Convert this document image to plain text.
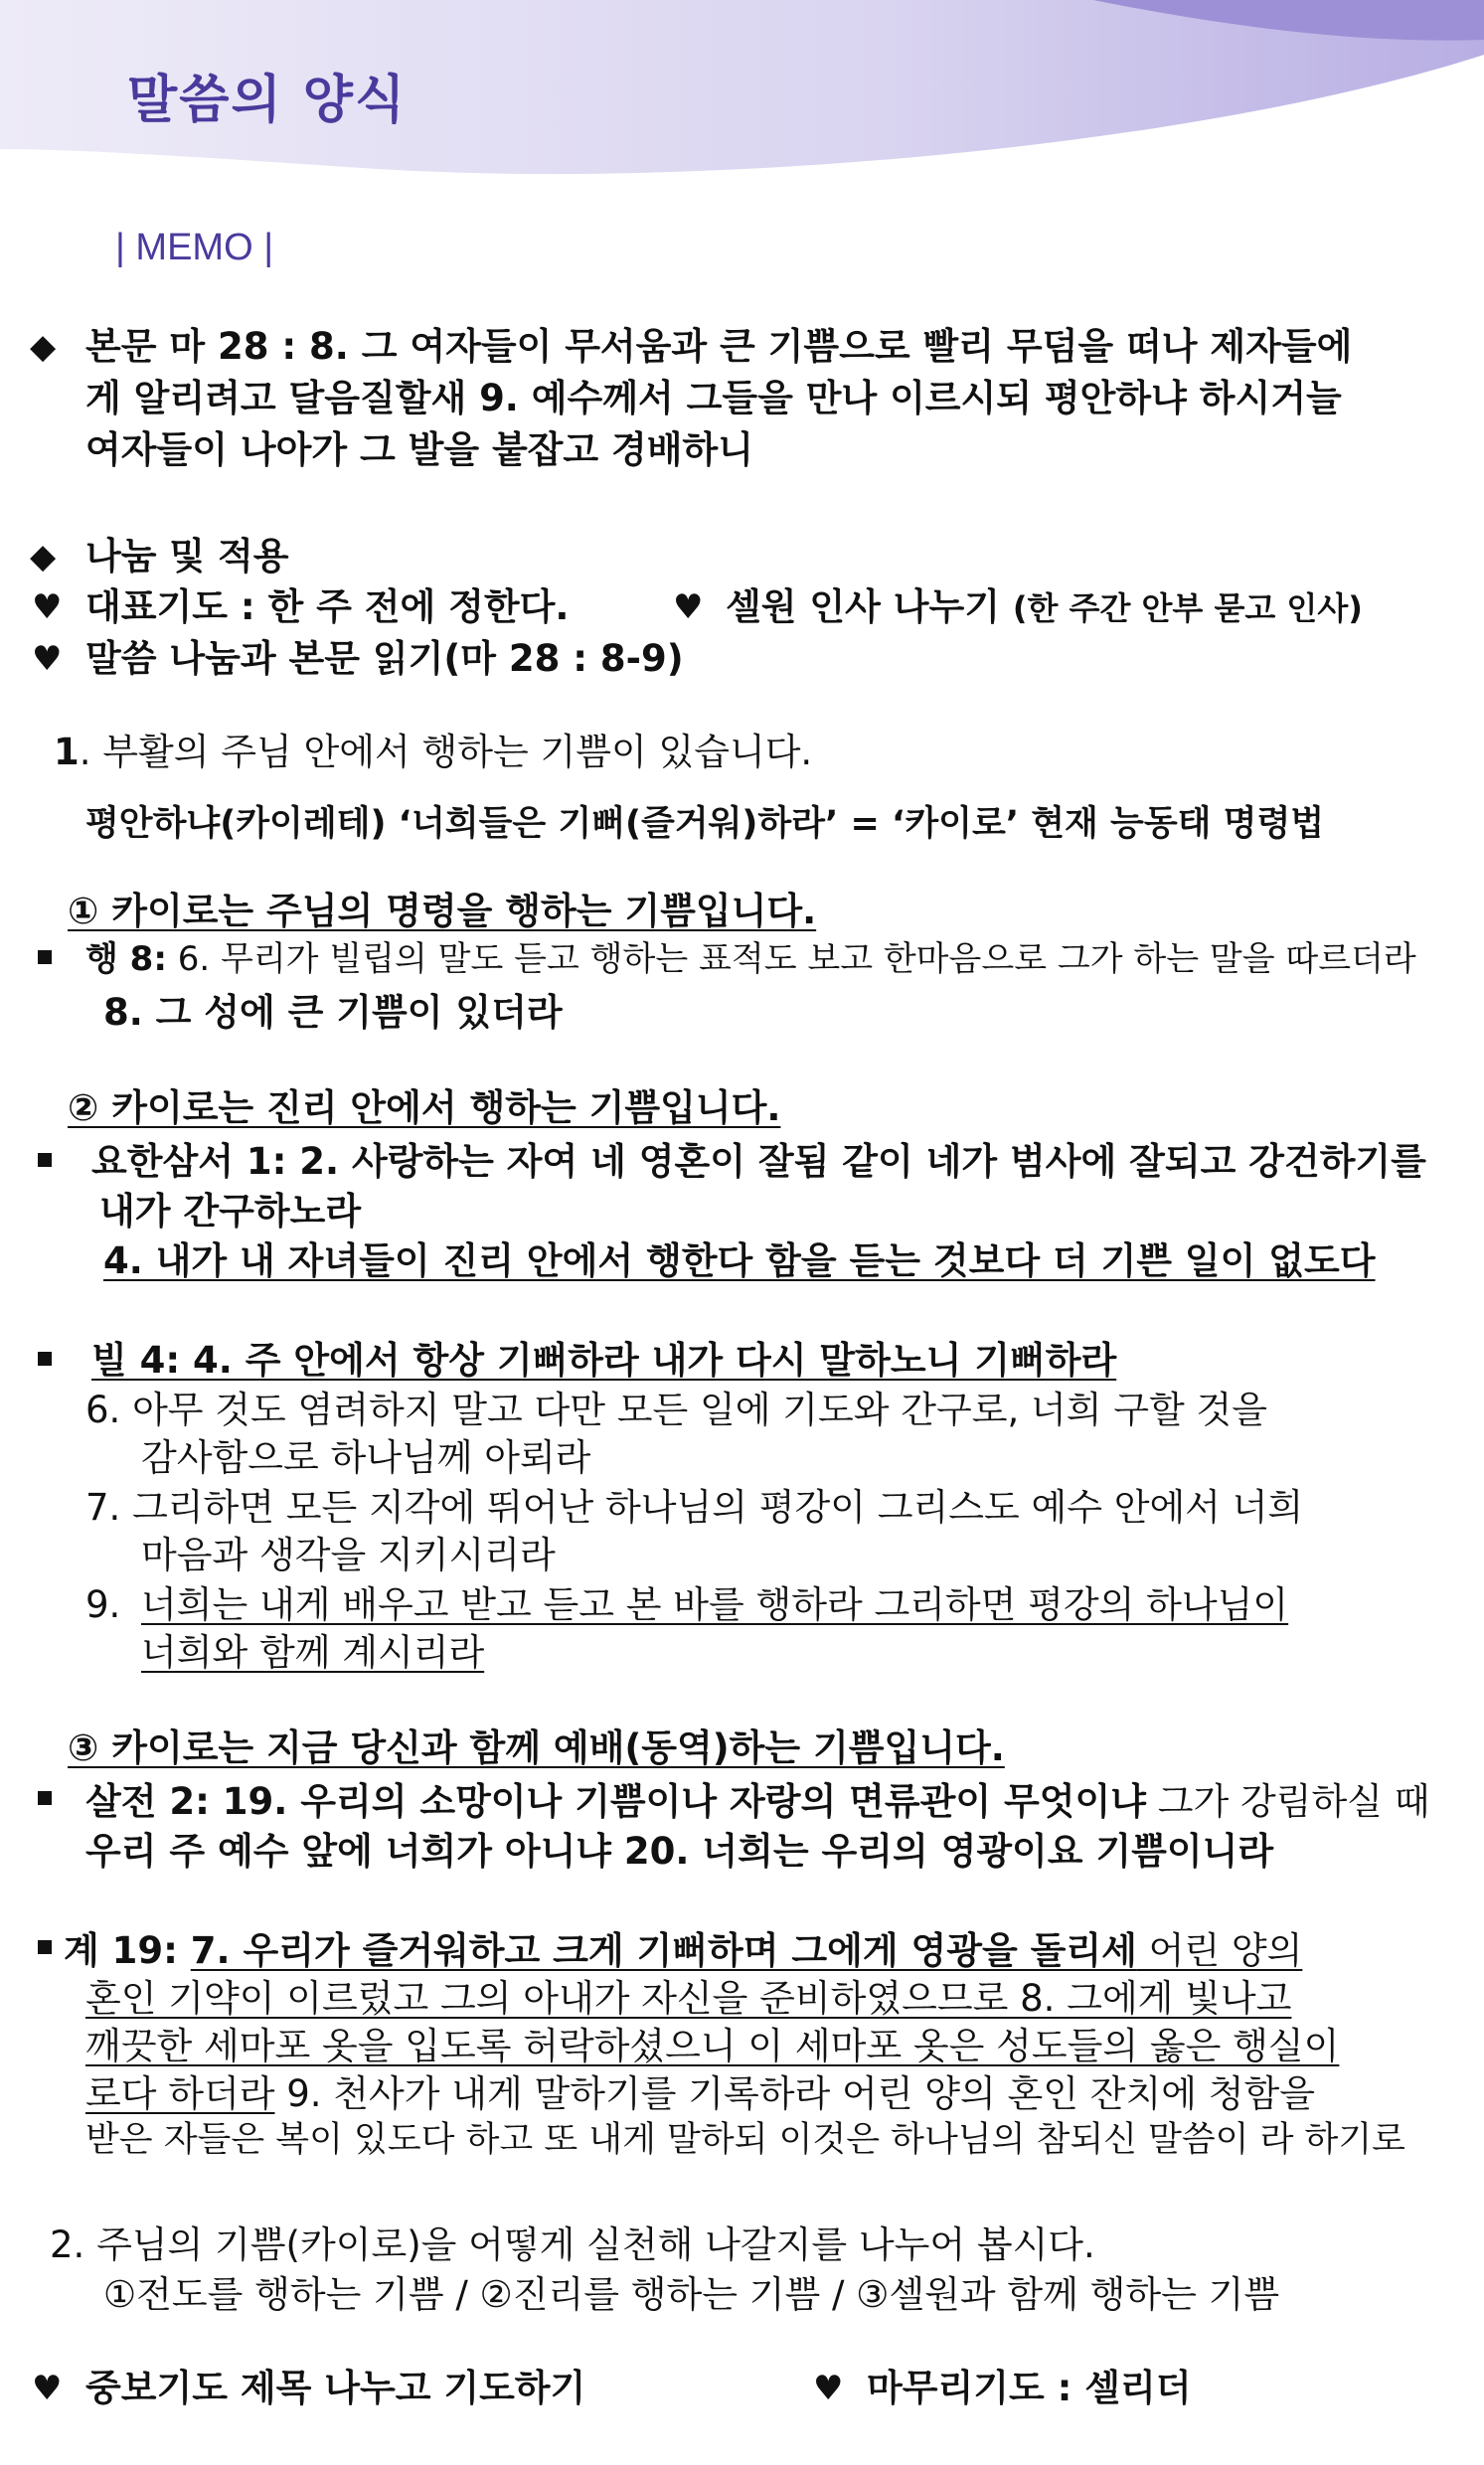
말씀의 양식
| MEMO |
◆ 본문 마 28 : 8. 그 여자들이 무서움과 큰 기쁨으로 빨리 무덤을 떠나 제자들에
게 알리려고 달음질할새 9. 예수께서 그들을 만나 이르시되 평안하냐 하시거늘
여자들이 나아가 그 발을 붙잡고 경배하니
◆ 나눔 및 적용
♥ 대표기도 : 한 주 전에 정한다.	♥ 셀원 인사 나누기 (한 주간 안부 묻고 인사)
♥ 말씀 나눔과 본문 읽기(마 28 : 8-9)
1. 부활의 주님 안에서 행하는 기쁨이 있습니다.
평안하냐(카이레테) ‘너희들은 기뻐(즐거워)하라’ = ‘카이로’ 현재 능동태 명령법
① 카이로는 주님의 명령을 행하는 기쁨입니다.
행 8: 6. 무리가 빌립의 말도 듣고 행하는 표적도 보고 한마음으로 그가 하는 말을 따르더라
8. 그 성에 큰 기쁨이 있더라
② 카이로는 진리 안에서 행하는 기쁨입니다.
요한삼서 1: 2. 사랑하는 자여 네 영혼이 잘됨 같이 네가 범사에 잘되고 강건하기를
내가 간구하노라
4. 내가 내 자녀들이 진리 안에서 행한다 함을 듣는 것보다 더 기쁜 일이 없도다
빌 4: 4. 주 안에서 항상 기뻐하라 내가 다시 말하노니 기뻐하라
6. 아무 것도 염려하지 말고 다만 모든 일에 기도와 간구로, 너희 구할 것을
감사함으로 하나님께 아뢰라
7. 그리하면 모든 지각에 뛰어난 하나님의 평강이 그리스도 예수 안에서 너희
마음과 생각을 지키시리라
9. 너희는 내게 배우고 받고 듣고 본 바를 행하라 그리하면 평강의 하나님이
너희와 함께 계시리라
③ 카이로는 지금 당신과 함께 예배(동역)하는 기쁨입니다.
살전 2: 19. 우리의 소망이나 기쁨이나 자랑의 면류관이 무엇이냐 그가 강림하실 때
우리 주 예수 앞에 너희가 아니냐 20. 너희는 우리의 영광이요 기쁨이니라
계 19: 7. 우리가 즐거워하고 크게 기뻐하며 그에게 영광을 돌리세 어린 양의
혼인 기약이 이르렀고 그의 아내가 자신을 준비하였으므로 8. 그에게 빛나고
깨끗한 세마포 옷을 입도록 허락하셨으니 이 세마포 옷은 성도들의 옳은 행실이
로다 하더라 9. 천사가 내게 말하기를 기록하라 어린 양의 혼인 잔치에 청함을
받은 자들은 복이 있도다 하고 또 내게 말하되 이것은 하나님의 참되신 말씀이 라 하기로
2. 주님의 기쁨(카이로)을 어떻게 실천해 나갈지를 나누어 봅시다.
①전도를 행하는 기쁨 / ②진리를 행하는 기쁨 / ③셀원과 함께 행하는 기쁨
♥ 중보기도 제목 나누고 기도하기	♥ 마무리기도 : 셀리더
